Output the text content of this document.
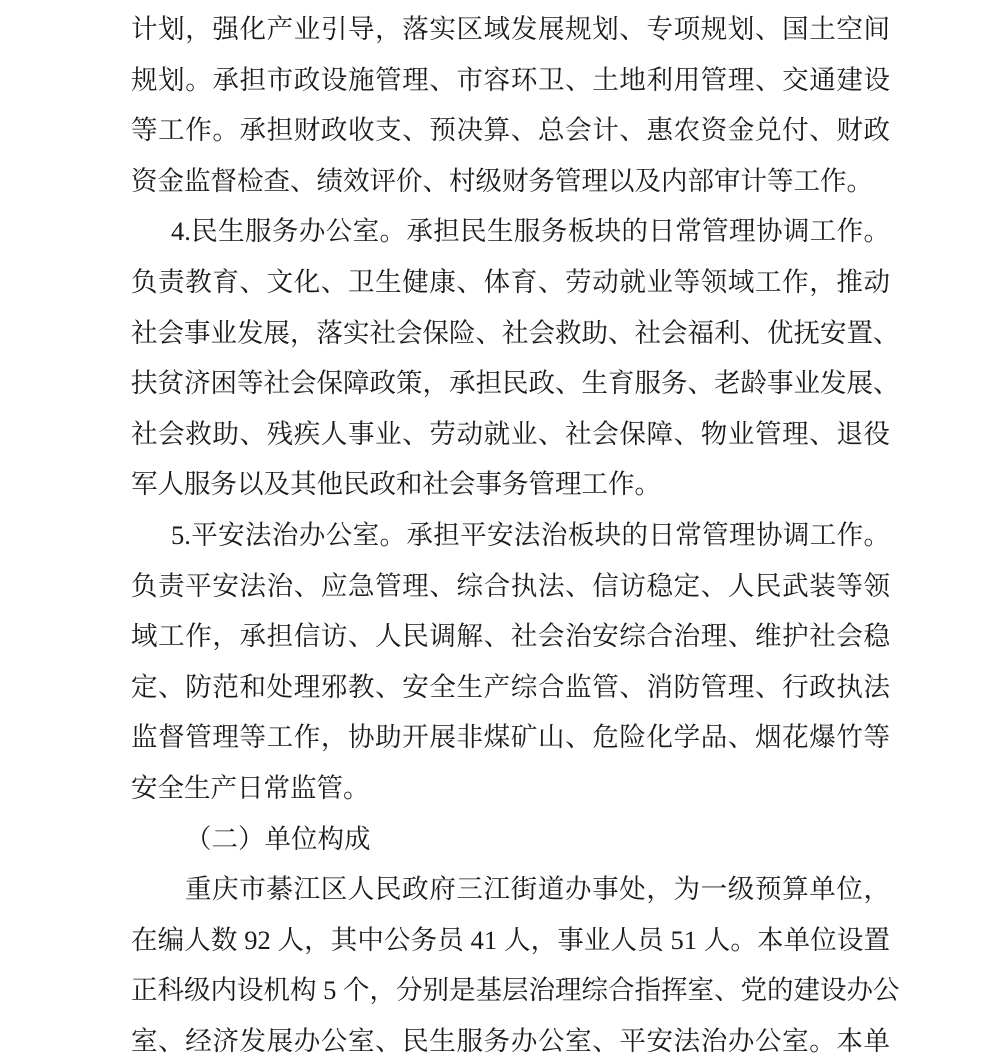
计划，强化产业引导，落实区域发展规划、专项规划、国土空间
规划。承担市政设施管理、市容环卫、土地利用管理、交通建设
等工作。承担财政收支、预决算、总会计、惠农资金兑付、财政
资金监督检查、绩效评价、村级财务管理以及内部审计等工作。
4.民生服务办公室。承担民生服务板块的日常管理协调工作。
负责教育、文化、卫生健康、体育、劳动就业等领域工作，推动
社会事业发展，落实社会保险、社会救助、社会福利、优抚安置、
扶贫济困等社会保障政策，承担民政、生育服务、老龄事业发展、
社会救助、残疾人事业、劳动就业、社会保障、物业管理、退役
军人服务以及其他民政和社会事务管理工作。
5.平安法治办公室。承担平安法治板块的日常管理协调工作。
负责平安法治、应急管理、综合执法、信访稳定、人民武装等领
域工作，承担信访、人民调解、社会治安综合治理、维护社会稳
定、防范和处理邪教、安全生产综合监管、消防管理、行政执法
监督管理等工作，协助开展非煤矿山、危险化学品、烟花爆竹等
安全生产日常监管。
（二）单位构成
重庆市綦江区人民政府三江街道办事处，为一级预算单位，
在编人数 92 人，其中公务员 41 人，事业人员 51 人。本单位设置
正科级内设机构 5 个，分别是基层治理综合指挥室、党的建设办公
室、经济发展办公室、民生服务办公室、平安法治办公室。本单
